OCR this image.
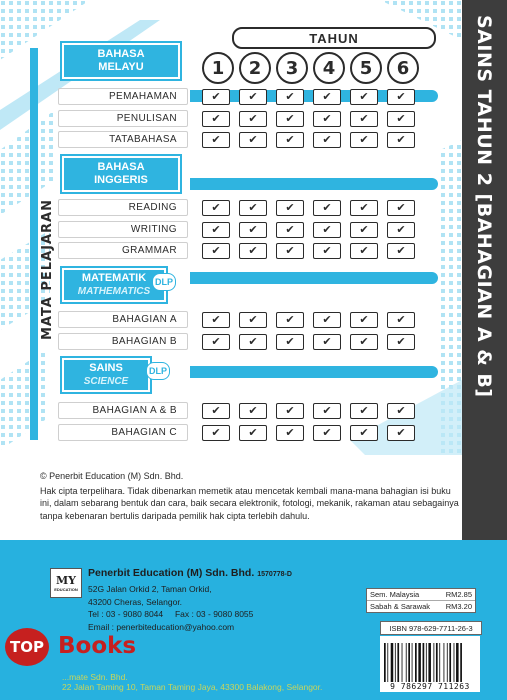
SAINS TAHUN 2 [BAHAGIAN A & B]
MATA PELAJARAN
TAHUN
1	2	3	4	5	6
BAHASA
MELAYU
PEMAHAMAN	✔	✔	✔	✔	✔	✔
PENULISAN	✔	✔	✔	✔	✔	✔
TATABAHASA	✔	✔	✔	✔	✔	✔
BAHASA
INGGERIS
READING	✔	✔	✔	✔	✔	✔
WRITING	✔	✔	✔	✔	✔	✔
GRAMMAR	✔	✔	✔	✔	✔	✔
MATEMATIK
MATHEMATICS
DLP
BAHAGIAN A	✔	✔	✔	✔	✔	✔
BAHAGIAN B	✔	✔	✔	✔	✔	✔
SAINS
SCIENCE
DLP
BAHAGIAN A & B	✔	✔	✔	✔	✔	✔
BAHAGIAN C	✔	✔	✔	✔	✔	✔
© Penerbit Education (M) Sdn. Bhd.
Hak cipta terpelihara. Tidak dibenarkan memetik atau mencetak kembali mana-mana bahagian isi buku ini, dalam sebarang bentuk dan cara, baik secara elektronik, fotologi, mekanik, rakaman atau sebagainya tanpa kebenaran bertulis daripada pemilik hak cipta terlebih dahulu.
MY
EDUCATION
Penerbit Education (M) Sdn. Bhd. 1570778-D
52G Jalan Orkid 2, Taman Orkid,
43200 Cheras, Selangor.
Tel : 03 - 9080 8044     Fax : 03 - 9080 8055
Email : penerbiteducation@yahoo.com
Sem. Malaysia	RM2.85
Sabah & Sarawak RM3.20
ISBN 978-629-7711-26-3
9 786297 711263
TOP Books
...mate Sdn. Bhd.
22 Jalan Taming 10, Taman Taming Jaya, 43300 Balakong, Selangor.
